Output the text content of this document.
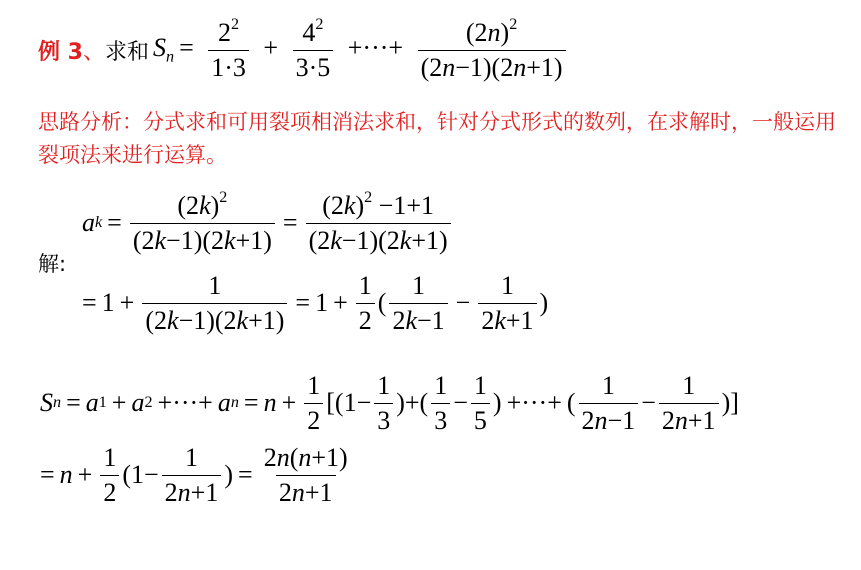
例 3 、 求和 $S_n = \frac{2^2}{1\cdot 3} + \frac{4^2}{3\cdot 5}$ +···+ $\frac{(2n)^2}{(2n-1)(2n+1)}$
思路分析：分式求和可用裂项相消法求和，针对分式形式的数列，在求解时，一般运用裂项法来进行运算。
解:
a $k = \frac{(2k)^2}{(2k-1)(2k+1)} = \frac{(2k)^2 -1+1}{(2k-1)(2k+1)}$
= $1 + \frac{1}{(2k-1)(2k+1)} = 1 + \frac{1}{2}$ ( $\frac{1}{2k-1} - \frac{1}{2k+1}$ )
S n = a 1 + a 2 +···+ a $n = n + \frac{1}{2} [(1- \frac{1}{3}$ )+( $\frac{1}{3} - \frac{1}{5}$ ) +···+ ( $\frac{1}{2n-1} - \frac{1}{2n+1}$ )]
= $n + \frac{1}{2} (1- \frac{1}{2n+1}$ ) = $\frac{2n(n+1)}{2n+1}$
